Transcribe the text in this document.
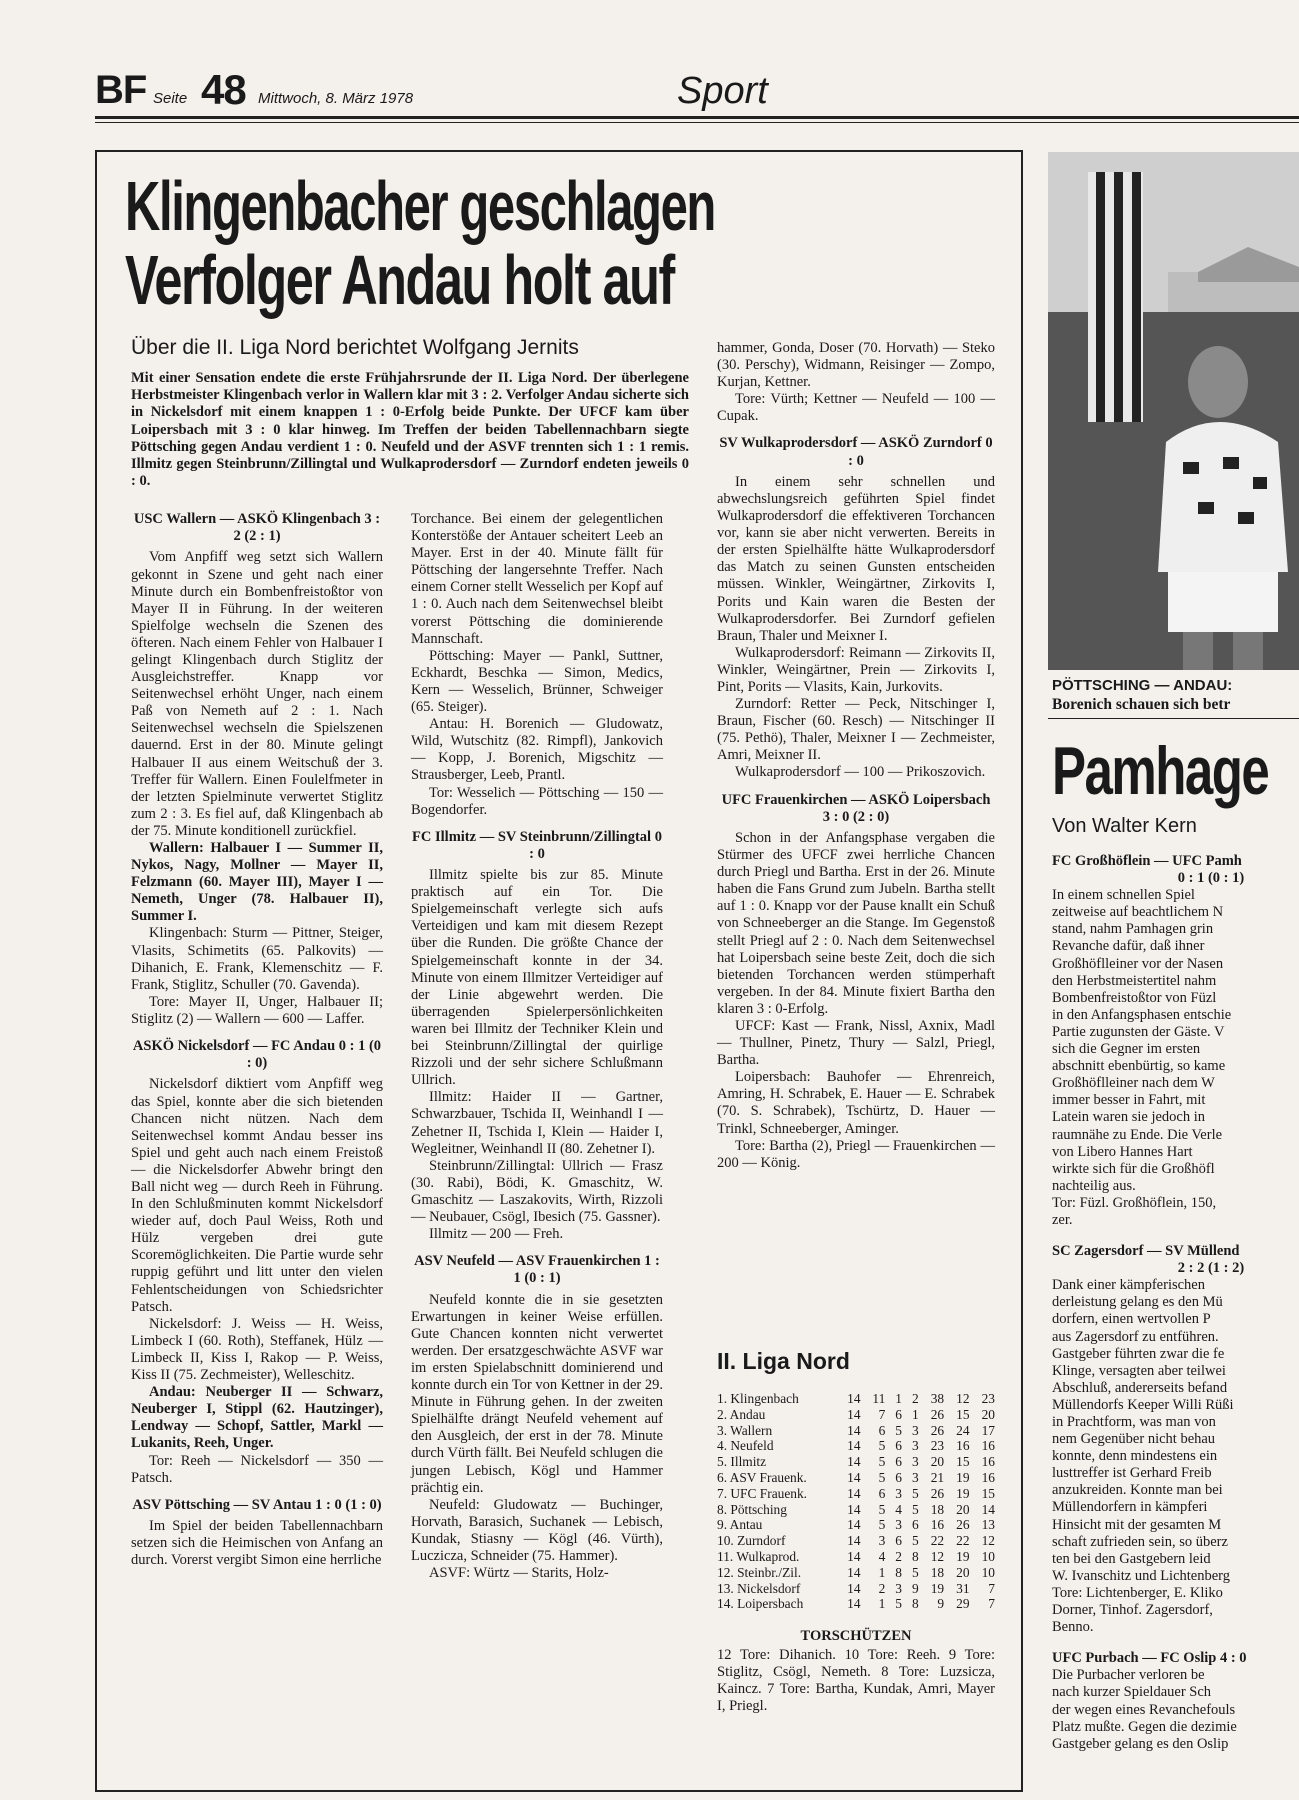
BF Seite 48 Mittwoch, 8. März 1978	Sport
Klingenbacher geschlagen
Verfolger Andau holt auf
Über die II. Liga Nord berichtet Wolfgang Jernits
Mit einer Sensation endete die erste Frühjahrsrunde der II. Liga Nord. Der überlegene Herbstmeister Klingenbach verlor in Wallern klar mit 3 : 2. Verfolger Andau sicherte sich in Nickelsdorf mit einem knappen 1 : 0-Erfolg beide Punkte. Der UFCF kam über Loipersbach mit 3 : 0 klar hinweg. Im Treffen der beiden Tabellennachbarn siegte Pöttsching gegen Andau verdient 1 : 0. Neufeld und der ASVF trennten sich 1 : 1 remis. Illmitz gegen Steinbrunn/Zillingtal und Wulkaprodersdorf — Zurndorf endeten jeweils 0 : 0.
USC Wallern — ASKÖ Klingenbach 3 : 2 (2 : 1)

Vom Anpfiff weg setzt sich Wallern gekonnt in Szene und geht nach einer Minute durch ein Bombenfreistoßtor von Mayer II in Führung. In der weiteren Spielfolge wechseln die Szenen des öfteren. Nach einem Fehler von Halbauer I gelingt Klingenbach durch Stiglitz der Ausgleichstreffer. Knapp vor Seitenwechsel erhöht Unger, nach einem Paß von Nemeth auf 2 : 1. Nach Seitenwechsel wechseln die Spielszenen dauernd. Erst in der 80. Minute gelingt Halbauer II aus einem Weitschuß der 3. Treffer für Wallern. Einen Foulelfmeter in der letzten Spielminute verwertet Stiglitz zum 2 : 3. Es fiel auf, daß Klingenbach ab der 75. Minute konditionell zurückfiel.

Wallern: Halbauer I — Summer II, Nykos, Nagy, Mollner — Mayer II, Felzmann (60. Mayer III), Mayer I — Nemeth, Unger (78. Halbauer II), Summer I.

Klingenbach: Sturm — Pittner, Steiger, Vlasits, Schimetits (65. Palkovits) — Dihanich, E. Frank, Klemenschitz — F. Frank, Stiglitz, Schuller (70. Gavenda).

Tore: Mayer II, Unger, Halbauer II; Stiglitz (2) — Wallern — 600 — Laffer.

ASKÖ Nickelsdorf — FC Andau 0 : 1 (0 : 0)

Nickelsdorf diktiert vom Anpfiff weg das Spiel, konnte aber die sich bietenden Chancen nicht nützen. Nach dem Seitenwechsel kommt Andau besser ins Spiel und geht auch nach einem Freistoß — die Nickelsdorfer Abwehr bringt den Ball nicht weg — durch Reeh in Führung. In den Schlußminuten kommt Nickelsdorf wieder auf, doch Paul Weiss, Roth und Hülz vergeben drei gute Scoremöglichkeiten. Die Partie wurde sehr ruppig geführt und litt unter den vielen Fehlentscheidungen von Schiedsrichter Patsch.

Nickelsdorf: J. Weiss — H. Weiss, Limbeck I (60. Roth), Steffanek, Hülz — Limbeck II, Kiss I, Rakop — P. Weiss, Kiss II (75. Zechmeister), Welleschitz.

Andau: Neuberger II — Schwarz, Neuberger I, Stippl (62. Hautzinger), Lendway — Schopf, Sattler, Markl — Lukanits, Reeh, Unger.

Tor: Reeh — Nickelsdorf — 350 — Patsch.

ASV Pöttsching — SV Antau 1 : 0 (1 : 0)

Im Spiel der beiden Tabellennachbarn setzen sich die Heimischen von Anfang an durch. Vorerst vergibt Simon eine herrliche

Torchance. Bei einem der gelegentlichen Konterstöße der Antauer scheitert Leeb an Mayer. Erst in der 40. Minute fällt für Pöttsching der langersehnte Treffer. Nach einem Corner stellt Wesselich per Kopf auf 1 : 0. Auch nach dem Seitenwechsel bleibt vorerst Pöttsching die dominierende Mannschaft.

Pöttsching: Mayer — Pankl, Suttner, Eckhardt, Beschka — Simon, Medics, Kern — Wesselich, Brünner, Schweiger (65. Steiger).

Antau: H. Borenich — Gludowatz, Wild, Wutschitz (82. Rimpfl), Jankovich — Kopp, J. Borenich, Migschitz — Strausberger, Leeb, Prantl.

Tor: Wesselich — Pöttsching — 150 — Bogendorfer.

FC Illmitz — SV Steinbrunn/Zillingtal 0 : 0

Illmitz spielte bis zur 85. Minute praktisch auf ein Tor. Die Spielgemeinschaft verlegte sich aufs Verteidigen und kam mit diesem Rezept über die Runden. Die größte Chance der Spielgemeinschaft konnte in der 34. Minute von einem Illmitzer Verteidiger auf der Linie abgewehrt werden. Die überragenden Spielerpersönlichkeiten waren bei Illmitz der Techniker Klein und bei Steinbrunn/Zillingtal der quirlige Rizzoli und der sehr sichere Schlußmann Ullrich.

Illmitz: Haider II — Gartner, Schwarzbauer, Tschida II, Weinhandl I — Zehetner II, Tschida I, Klein — Haider I, Wegleitner, Weinhandl II (80. Zehetner I).

Steinbrunn/Zillingtal: Ullrich — Frasz (30. Rabi), Bödi, K. Gmaschitz, W. Gmaschitz — Laszakovits, Wirth, Rizzoli — Neubauer, Csögl, Ibesich (75. Gassner).

Illmitz — 200 — Freh.

ASV Neufeld — ASV Frauenkirchen 1 : 1 (0 : 1)

Neufeld konnte die in sie gesetzten Erwartungen in keiner Weise erfüllen. Gute Chancen konnten nicht verwertet werden. Der ersatzgeschwächte ASVF war im ersten Spielabschnitt dominierend und konnte durch ein Tor von Kettner in der 29. Minute in Führung gehen. In der zweiten Spielhälfte drängt Neufeld vehement auf den Ausgleich, der erst in der 78. Minute durch Vürth fällt. Bei Neufeld schlugen die jungen Lebisch, Kögl und Hammer prächtig ein.

Neufeld: Gludowatz — Buchinger, Horvath, Barasich, Suchanek — Lebisch, Kundak, Stiasny — Kögl (46. Vürth), Luczicza, Schneider (75. Hammer).

ASVF: Würtz — Starits, Holz-

hammer, Gonda, Doser (70. Horvath) — Steko (30. Perschy), Widmann, Reisinger — Zompo, Kurjan, Kettner.

Tore: Vürth; Kettner — Neufeld — 100 — Cupak.

SV Wulkaprodersdorf — ASKÖ Zurndorf 0 : 0

In einem sehr schnellen und abwechslungsreich geführten Spiel findet Wulkaprodersdorf die effektiveren Torchancen vor, kann sie aber nicht verwerten. Bereits in der ersten Spielhälfte hätte Wulkaprodersdorf das Match zu seinen Gunsten entscheiden müssen. Winkler, Weingärtner, Zirkovits I, Porits und Kain waren die Besten der Wulkaprodersdorfer. Bei Zurndorf gefielen Braun, Thaler und Meixner I.

Wulkaprodersdorf: Reimann — Zirkovits II, Winkler, Weingärtner, Prein — Zirkovits I, Pint, Porits — Vlasits, Kain, Jurkovits.

Zurndorf: Retter — Peck, Nitschinger I, Braun, Fischer (60. Resch) — Nitschinger II (75. Pethö), Thaler, Meixner I — Zechmeister, Amri, Meixner II.

Wulkaprodersdorf — 100 — Prikoszovich.

UFC Frauenkirchen — ASKÖ Loipersbach 3 : 0 (2 : 0)

Schon in der Anfangsphase vergaben die Stürmer des UFCF zwei herrliche Chancen durch Priegl und Bartha. Erst in der 26. Minute haben die Fans Grund zum Jubeln. Bartha stellt auf 1 : 0. Knapp vor der Pause knallt ein Schuß von Schneeberger an die Stange. Im Gegenstoß stellt Priegl auf 2 : 0. Nach dem Seitenwechsel hat Loipersbach seine beste Zeit, doch die sich bietenden Torchancen werden stümperhaft vergeben. In der 84. Minute fixiert Bartha den klaren 3 : 0-Erfolg.

UFCF: Kast — Frank, Nissl, Axnix, Madl — Thullner, Pinetz, Thury — Salzl, Priegl, Bartha.

Loipersbach: Bauhofer — Ehrenreich, Amring, H. Schrabek, E. Hauer — E. Schrabek (70. S. Schrabek), Tschürtz, D. Hauer — Trinkl, Schneeberger, Aminger.

Tore: Bartha (2), Priegl — Frauenkirchen — 200 — König.

II. Liga Nord
1. Klingenbach	14	11	1	2	38	12	23
2. Andau	14	7	6	1	26	15	20
3. Wallern	14	6	5	3	26	24	17
4. Neufeld	14	5	6	3	23	16	16
5. Illmitz	14	5	6	3	20	15	16
6. ASV Frauenk.	14	5	6	3	21	19	16
7. UFC Frauenk.	14	6	3	5	26	19	15
8. Pöttsching	14	5	4	5	18	20	14
9. Antau	14	5	3	6	16	26	13
10. Zurndorf	14	3	6	5	22	22	12
11. Wulkaprod.	14	4	2	8	12	19	10
12. Steinbr./Zil.	14	1	8	5	18	20	10
13. Nickelsdorf	14	2	3	9	19	31	7
14. Loipersbach	14	1	5	8	9	29	7
TORSCHÜTZEN
12 Tore: Dihanich. 10 Tore: Reeh. 9 Tore: Stiglitz, Csögl, Nemeth. 8 Tore: Luzsicza, Kaincz. 7 Tore: Bartha, Kundak, Amri, Mayer I, Priegl.
PÖTTSCHING — ANDAU:
Borenich schauen sich betr
Pamhage
Von Walter Kern
FC Großhöflein — UFC Pamh
0 : 1 (0 : 1)
In einem schnellen Spiel
zeitweise auf beachtlichem N
stand, nahm Pamhagen grin
Revanche dafür, daß ihner
Großhöflleiner vor der Nasen
den Herbstmeistertitel nahm
Bombenfreistoßtor von Füzl
in den Anfangsphasen entschie
Partie zugunsten der Gäste. V
sich die Gegner im ersten
abschnitt ebenbürtig, so kame
Großhöflleiner nach dem W
immer besser in Fahrt, mit
Latein waren sie jedoch in
raumnähe zu Ende. Die Verle
von Libero Hannes Hart
wirkte sich für die Großhöfl
nachteilig aus.
Tor: Füzl. Großhöflein, 150,
zer.
SC Zagersdorf — SV Müllend
2 : 2 (1 : 2)
Dank einer kämpferischen
derleistung gelang es den Mü
dorfern, einen wertvollen P
aus Zagersdorf zu entführen.
Gastgeber führten zwar die fe
Klinge, versagten aber teilwei
Abschluß, andererseits befand
Müllendorfs Keeper Willi Rüßi
in Prachtform, was man von
nem Gegenüber nicht behau
konnte, denn mindestens ein
lusttreffer ist Gerhard Freib
anzukreiden. Konnte man bei
Müllendorfern in kämpferi
Hinsicht mit der gesamten M
schaft zufrieden sein, so überz
ten bei den Gastgebern leid
W. Ivanschitz und Lichtenberg
Tore: Lichtenberger, E. Kliko
Dorner, Tinhof. Zagersdorf,
Benno.
UFC Purbach — FC Oslip 4 : 0
Die Purbacher verloren be
nach kurzer Spieldauer Sch
der wegen eines Revanchefouls
Platz mußte. Gegen die dezimie
Gastgeber gelang es den Oslip
